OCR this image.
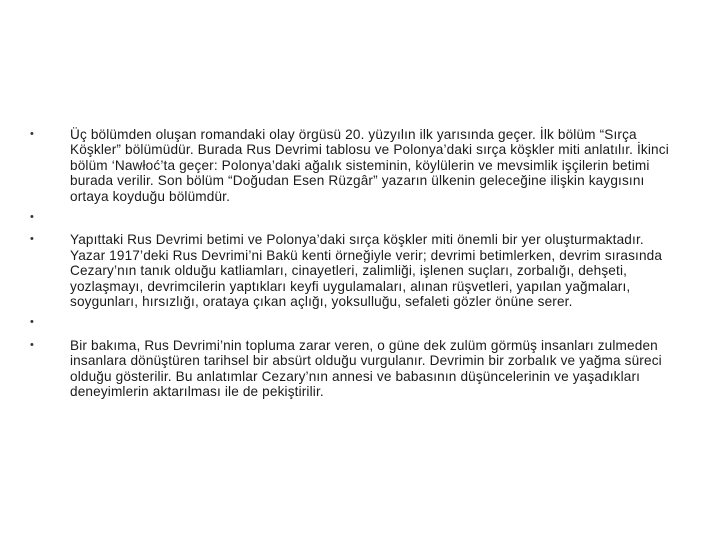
•	Üç bölümden oluşan romandaki olay örgüsü 20. yüzyılın ilk yarısında geçer. İlk bölüm “Sırça Köşkler” bölümüdür. Burada Rus Devrimi tablosu ve Polonya’daki sırça köşkler miti anlatılır. İkinci bölüm ‘Nawłoć’ta geçer: Polonya’daki ağalık sisteminin, köylülerin ve mevsimlik işçilerin betimi burada verilir. Son bölüm “Doğudan Esen Rüzgâr” yazarın ülkenin geleceğine ilişkin kaygısını ortaya koyduğu bölümdür.
•
•	Yapıttaki Rus Devrimi betimi ve Polonya’daki sırça köşkler miti önemli bir yer oluşturmaktadır. Yazar 1917’deki Rus Devrimi’ni Bakü kenti örneğiyle verir; devrimi betimlerken, devrim sırasında Cezary’nın tanık olduğu katliamları, cinayetleri, zalimliği, işlenen suçları, zorbalığı, dehşeti, yozlaşmayı, devrimcilerin yaptıkları keyfi uygulamaları, alınan rüşvetleri, yapılan yağmaları, soygunları, hırsızlığı, orataya çıkan açlığı, yoksulluğu, sefaleti gözler önüne serer.
•
•	Bir bakıma, Rus Devrimi’nin topluma zarar veren, o güne dek zulüm görmüş insanları zulmeden insanlara dönüştüren tarihsel bir absürt olduğu vurgulanır. Devrimin bir zorbalık ve yağma süreci olduğu gösterilir. Bu anlatımlar Cezary’nın annesi ve babasının düşüncelerinin ve yaşadıkları deneyimlerin aktarılması ile de pekiştirilir.
